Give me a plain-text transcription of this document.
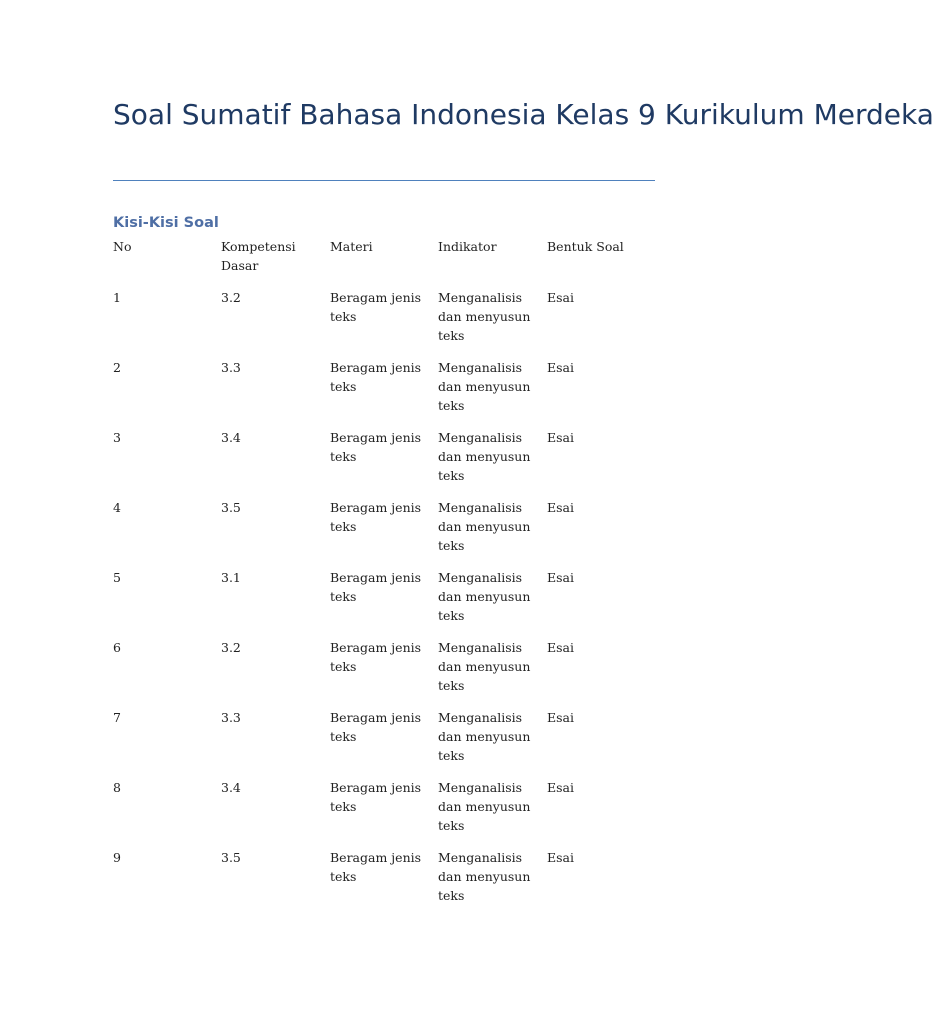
Soal Sumatif Bahasa Indonesia Kelas 9 Kurikulum Merdeka
Kisi-Kisi Soal
No	Kompetensi Dasar	Materi	Indikator	Bentuk Soal
1	3.2	Beragam jenis teks	Menganalisis dan menyusun teks	Esai
2	3.3	Beragam jenis teks	Menganalisis dan menyusun teks	Esai
3	3.4	Beragam jenis teks	Menganalisis dan menyusun teks	Esai
4	3.5	Beragam jenis teks	Menganalisis dan menyusun teks	Esai
5	3.1	Beragam jenis teks	Menganalisis dan menyusun teks	Esai
6	3.2	Beragam jenis teks	Menganalisis dan menyusun teks	Esai
7	3.3	Beragam jenis teks	Menganalisis dan menyusun teks	Esai
8	3.4	Beragam jenis teks	Menganalisis dan menyusun teks	Esai
9	3.5	Beragam jenis teks	Menganalisis dan menyusun teks	Esai
